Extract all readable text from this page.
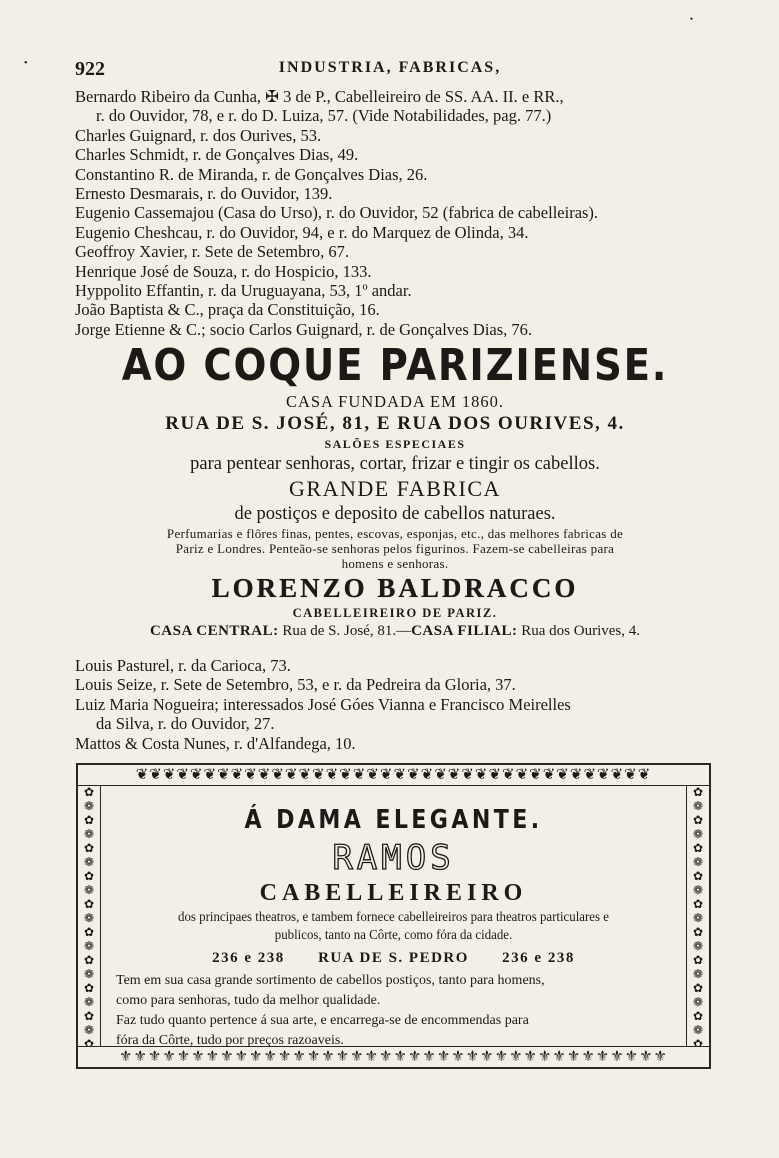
•
•
922	INDUSTRIA, FABRICAS,
Bernardo Ribeiro da Cunha, ✠ 3 de P., Cabelleireiro de SS. AA. II. e RR.,
r. do Ouvidor, 78, e r. do D. Luiza, 57. (Vide Notabilidades, pag. 77.)
Charles Guignard, r. dos Ourives, 53.
Charles Schmidt, r. de Gonçalves Dias, 49.
Constantino R. de Miranda, r. de Gonçalves Dias, 26.
Ernesto Desmarais, r. do Ouvidor, 139.
Eugenio Cassemajou (Casa do Urso), r. do Ouvidor, 52 (fabrica de cabelleiras).
Eugenio Cheshcau, r. do Ouvidor, 94, e r. do Marquez de Olinda, 34.
Geoffroy Xavier, r. Sete de Setembro, 67.
Henrique José de Souza, r. do Hospicio, 133.
Hyppolito Effantin, r. da Uruguayana, 53, 1º andar.
João Baptista & C., praça da Constituição, 16.
Jorge Etienne & C.; socio Carlos Guignard, r. de Gonçalves Dias, 76.
AO COQUE PARIZIENSE.
CASA FUNDADA EM 1860.
RUA DE S. JOSÉ, 81, E RUA DOS OURIVES, 4.
SALÕES ESPECIAES
para pentear senhoras, cortar, frizar e tingir os cabellos.
GRANDE FABRICA
de postiços e deposito de cabellos naturaes.
Perfumarias e flôres finas, pentes, escovas, esponjas, etc., das melhores fabricas de
Pariz e Londres. Penteão-se senhoras pelos figurinos. Fazem-se cabelleiras para
homens e senhoras.
LORENZO BALDRACCO
CABELLEIREIRO DE PARIZ.
CASA CENTRAL: Rua de S. José, 81.—CASA FILIAL: Rua dos Ourives, 4.
Louis Pasturel, r. da Carioca, 73.
Louis Seize, r. Sete de Setembro, 53, e r. da Pedreira da Gloria, 37.
Luiz Maria Nogueira; interessados José Góes Vianna e Francisco Meirelles
da Silva, r. do Ouvidor, 27.
Mattos & Costa Nunes, r. d'Alfandega, 10.
❦❦❦❦❦❦❦❦❦❦❦❦❦❦❦❦❦❦❦❦❦❦❦❦❦❦❦❦❦❦❦❦❦❦❦❦❦❦
✿
❁
✿
❁
✿
❁
✿
❁
✿
❁
✿
❁
✿
❁
✿
❁
✿
❁
✿
✿
❁
✿
❁
✿
❁
✿
❁
✿
❁
✿
❁
✿
❁
✿
❁
✿
❁
✿
⚜⚜⚜⚜⚜⚜⚜⚜⚜⚜⚜⚜⚜⚜⚜⚜⚜⚜⚜⚜⚜⚜⚜⚜⚜⚜⚜⚜⚜⚜⚜⚜⚜⚜⚜⚜⚜⚜
Á DAMA ELEGANTE.
RAMOS
CABELLEIREIRO
dos principaes theatros, e tambem fornece cabelleireiros para theatros particulares e
publicos, tanto na Côrte, como fóra da cidade.
236 e 238 RUA DE S. PEDRO 236 e 238
Tem em sua casa grande sortimento de cabellos postiços, tanto para homens,
como para senhoras, tudo da melhor qualidade.
Faz tudo quanto pertence á sua arte, e encarrega-se de encommendas para
fóra da Côrte, tudo por preços razoaveis.
